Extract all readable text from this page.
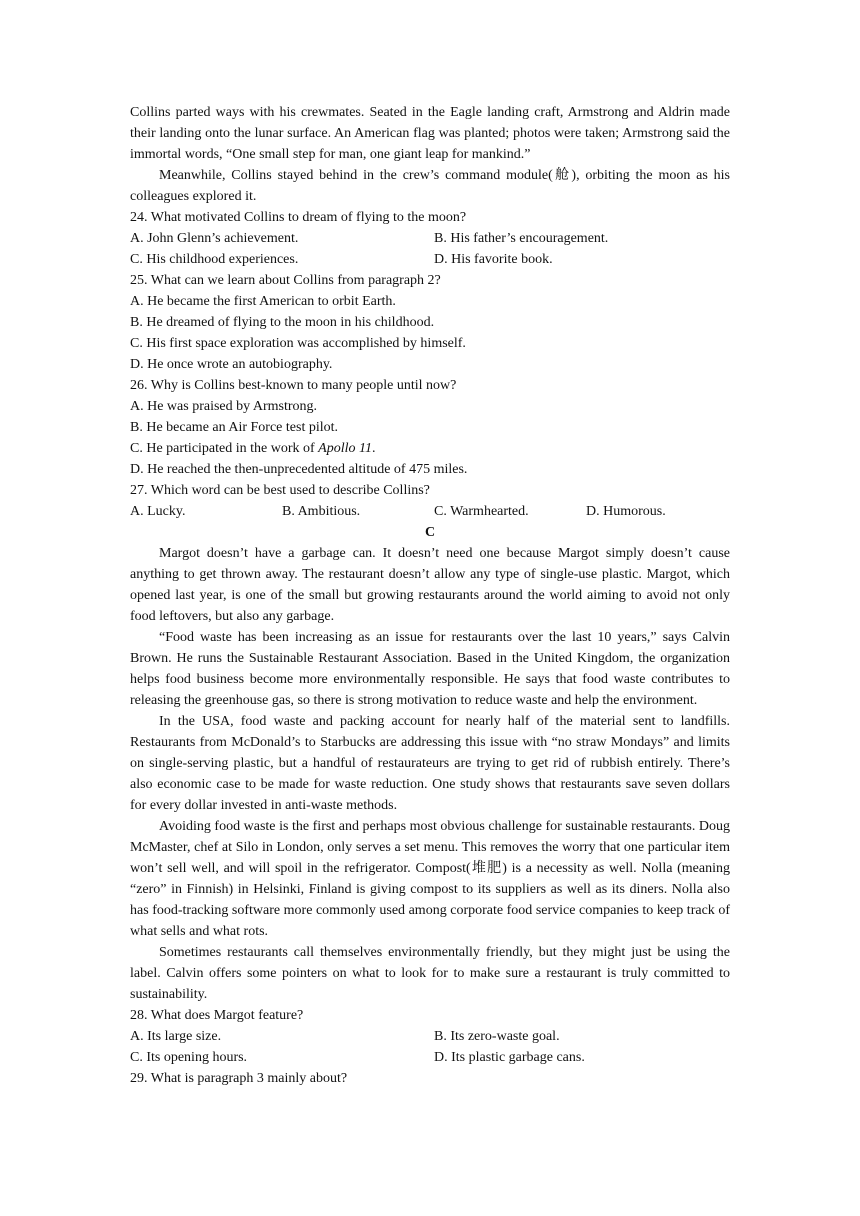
Collins parted ways with his crewmates. Seated in the Eagle landing craft, Armstrong and Aldrin made their landing onto the lunar surface. An American flag was planted; photos were taken; Armstrong said the immortal words, “One small step for man, one giant leap for mankind.”

Meanwhile, Collins stayed behind in the crew’s command module(舱), orbiting the moon as his colleagues explored it.

24. What motivated Collins to dream of flying to the moon?

A. John Glenn’s achievement.	B. His father’s encouragement.
C. His childhood experiences.	D. His favorite book.

25. What can we learn about Collins from paragraph 2?

A. He became the first American to orbit Earth.

B. He dreamed of flying to the moon in his childhood.

C. His first space exploration was accomplished by himself.

D. He once wrote an autobiography.

26. Why is Collins best-known to many people until now?

A. He was praised by Armstrong.

B. He became an Air Force test pilot.

C. He participated in the work of Apollo 11.

D. He reached the then-unprecedented altitude of 475 miles.

27. Which word can be best used to describe Collins?

A. Lucky.	B. Ambitious.	C. Warmhearted.	D. Humorous.

C

Margot doesn’t have a garbage can. It doesn’t need one because Margot simply doesn’t cause anything to get thrown away. The restaurant doesn’t allow any type of single-use plastic. Margot, which opened last year, is one of the small but growing restaurants around the world aiming to avoid not only food leftovers, but also any garbage.

“Food waste has been increasing as an issue for restaurants over the last 10 years,” says Calvin Brown. He runs the Sustainable Restaurant Association. Based in the United Kingdom, the organization helps food business become more environmentally responsible. He says that food waste contributes to releasing the greenhouse gas, so there is strong motivation to reduce waste and help the environment.

In the USA, food waste and packing account for nearly half of the material sent to landfills. Restaurants from McDonald’s to Starbucks are addressing this issue with “no straw Mondays” and limits on single-serving plastic, but a handful of restaurateurs are trying to get rid of rubbish entirely. There’s also economic case to be made for waste reduction. One study shows that restaurants save seven dollars for every dollar invested in anti-waste methods.

Avoiding food waste is the first and perhaps most obvious challenge for sustainable restaurants. Doug McMaster, chef at Silo in London, only serves a set menu. This removes the worry that one particular item won’t sell well, and will spoil in the refrigerator. Compost(堆肥) is a necessity as well. Nolla (meaning “zero” in Finnish) in Helsinki, Finland is giving compost to its suppliers as well as its diners. Nolla also has food-tracking software more commonly used among corporate food service companies to keep track of what sells and what rots.

Sometimes restaurants call themselves environmentally friendly, but they might just be using the label. Calvin offers some pointers on what to look for to make sure a restaurant is truly committed to sustainability.

28. What does Margot feature?

A. Its large size.	B. Its zero-waste goal.
C. Its opening hours.	D. Its plastic garbage cans.

29. What is paragraph 3 mainly about?
